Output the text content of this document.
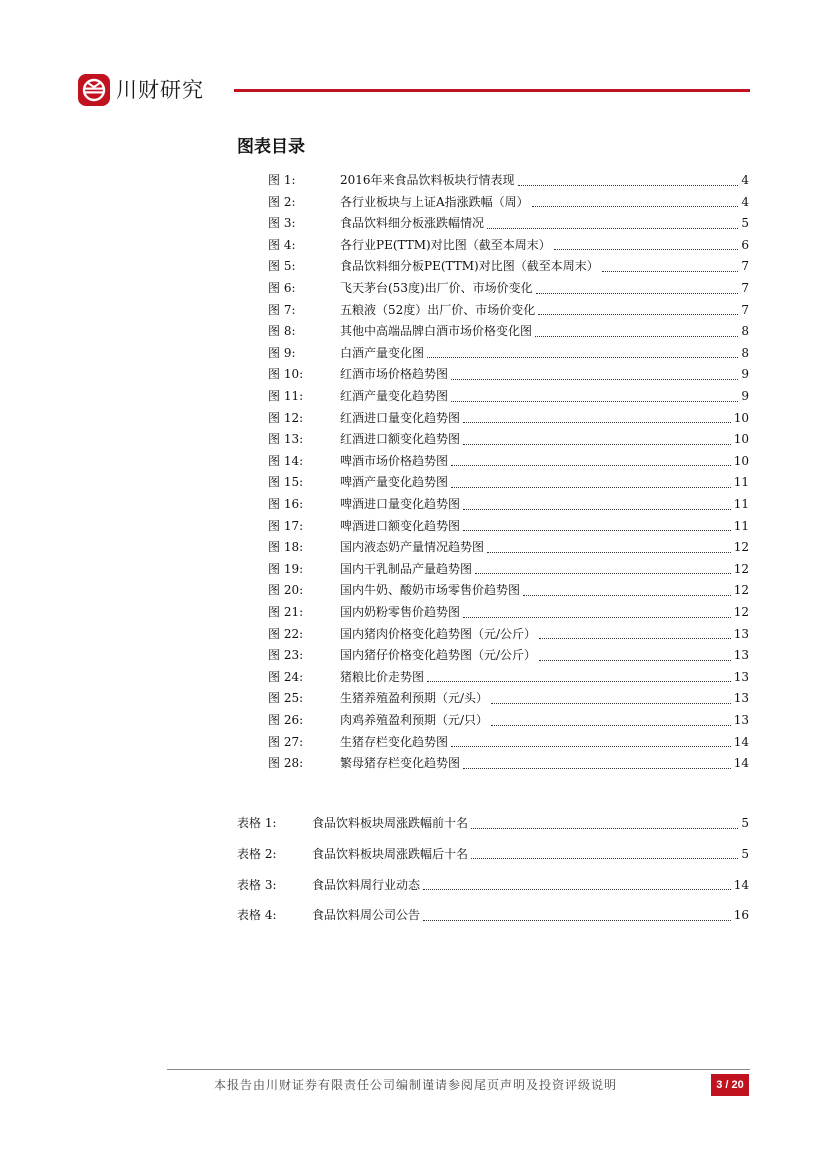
川财研究
图表目录
图 1:	2016年来食品饮料板块行情表现	4
图 2:	各行业板块与上证A指涨跌幅（周）	4
图 3:	食品饮料细分板涨跌幅情况	5
图 4:	各行业PE(TTM)对比图（截至本周末）	6
图 5:	食品饮料细分板PE(TTM)对比图（截至本周末）	7
图 6:	飞天茅台(53度)出厂价、市场价变化	7
图 7:	五粮液（52度）出厂价、市场价变化	7
图 8:	其他中高端品牌白酒市场价格变化图	8
图 9:	白酒产量变化图	8
图 10:	红酒市场价格趋势图	9
图 11:	红酒产量变化趋势图	9
图 12:	红酒进口量变化趋势图	10
图 13:	红酒进口额变化趋势图	10
图 14:	啤酒市场价格趋势图	10
图 15:	啤酒产量变化趋势图	11
图 16:	啤酒进口量变化趋势图	11
图 17:	啤酒进口额变化趋势图	11
图 18:	国内液态奶产量情况趋势图	12
图 19:	国内干乳制品产量趋势图	12
图 20:	国内牛奶、酸奶市场零售价趋势图	12
图 21:	国内奶粉零售价趋势图	12
图 22:	国内猪肉价格变化趋势图（元/公斤）	13
图 23:	国内猪仔价格变化趋势图（元/公斤）	13
图 24:	猪粮比价走势图	13
图 25:	生猪养殖盈利预期（元/头）	13
图 26:	肉鸡养殖盈利预期（元/只）	13
图 27:	生猪存栏变化趋势图	14
图 28:	繁母猪存栏变化趋势图	14
表格 1:	食品饮料板块周涨跌幅前十名	5
表格 2:	食品饮料板块周涨跌幅后十名	5
表格 3:	食品饮料周行业动态	14
表格 4:	食品饮料周公司公告	16
本报告由川财证券有限责任公司编制谨请参阅尾页声明及投资评级说明	3 / 20
